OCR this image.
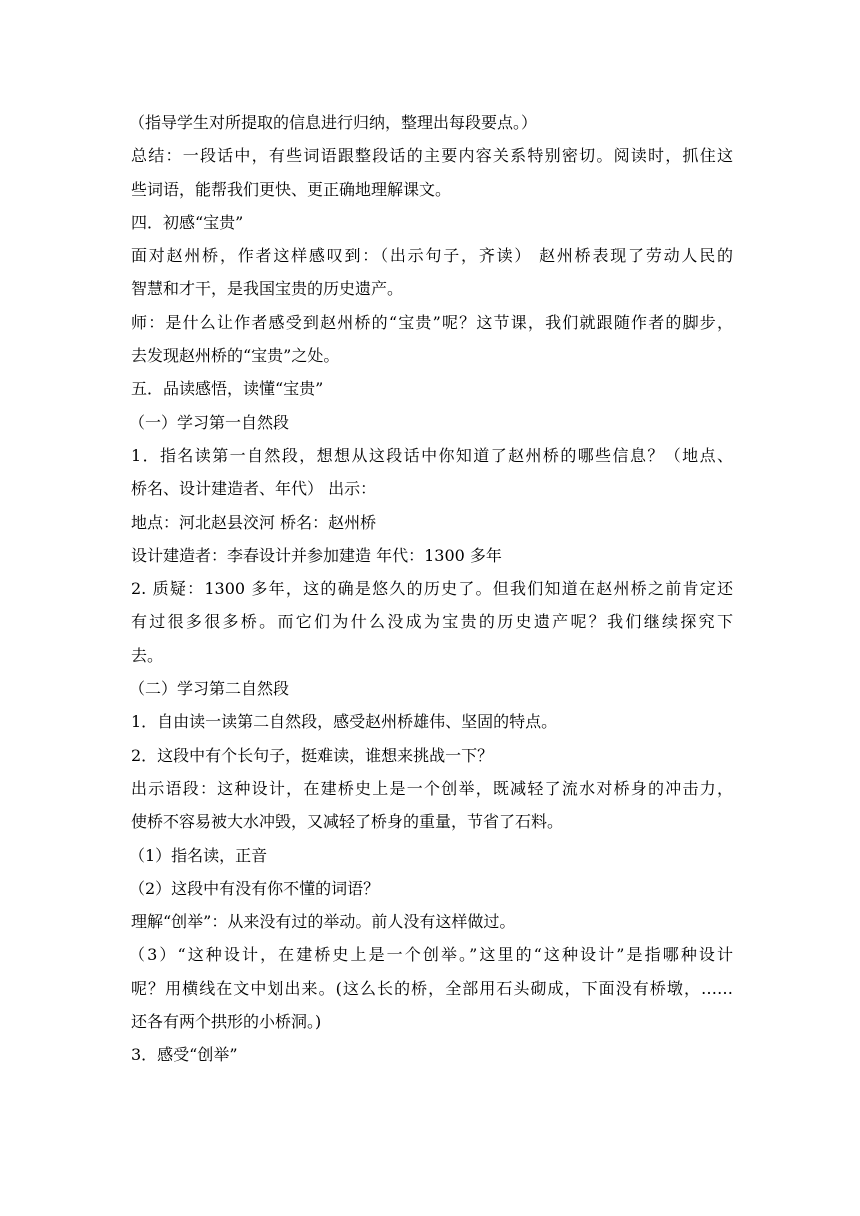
（指导学生对所提取的信息进行归纳，整理出每段要点。）
总结：一段话中，有些词语跟整段话的主要内容关系特别密切。阅读时，抓住这
些词语，能帮我们更快、更正确地理解课文。
四．初感“宝贵”
面对赵州桥，作者这样感叹到：（出示句子，齐读） 赵州桥表现了劳动人民的
智慧和才干，是我国宝贵的历史遗产。
师：是什么让作者感受到赵州桥的“宝贵”呢？这节课，我们就跟随作者的脚步，
去发现赵州桥的“宝贵”之处。
五．品读感悟，读懂“宝贵”
（一）学习第一自然段
1．指名读第一自然段，想想从这段话中你知道了赵州桥的哪些信息？（地点、
桥名、设计建造者、年代） 出示：
地点：河北赵县洨河 桥名：赵州桥
设计建造者：李春设计并参加建造 年代：1300 多年
2. 质疑：1300 多年，这的确是悠久的历史了。但我们知道在赵州桥之前肯定还
有过很多很多桥。而它们为什么没成为宝贵的历史遗产呢？我们继续探究下
去。
（二）学习第二自然段
1．自由读一读第二自然段，感受赵州桥雄伟、坚固的特点。
2．这段中有个长句子，挺难读，谁想来挑战一下？
出示语段：这种设计，在建桥史上是一个创举，既减轻了流水对桥身的冲击力，
使桥不容易被大水冲毁，又减轻了桥身的重量，节省了石料。
（1）指名读，正音
（2）这段中有没有你不懂的词语？
理解“创举”：从来没有过的举动。前人没有这样做过。
（3）“这种设计，在建桥史上是一个创举。”这里的“这种设计”是指哪种设计
呢？用横线在文中划出来。(这么长的桥，全部用石头砌成，下面没有桥墩，……
还各有两个拱形的小桥洞。)
3．感受“创举”
